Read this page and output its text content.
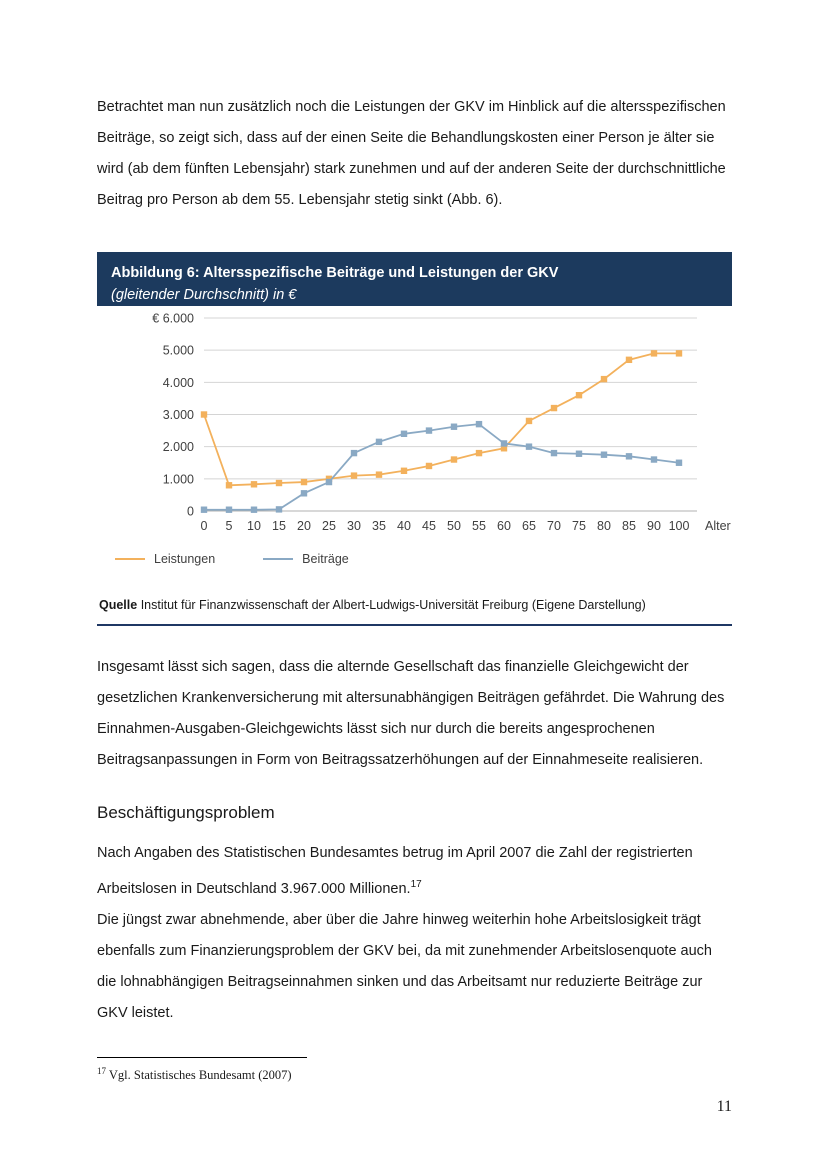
Betrachtet man nun zusätzlich noch die Leistungen der GKV im Hinblick auf die altersspezifischen Beiträge, so zeigt sich, dass auf der einen Seite die Behandlungskosten einer Person je älter sie wird (ab dem fünften Lebensjahr) stark zunehmen und auf der anderen Seite der durchschnittliche Beitrag pro Person ab dem 55. Lebensjahr stetig sinkt (Abb. 6).

Abbildung 6: Altersspezifische Beiträge und Leistungen der GKV
(gleitender Durchschnitt) in €
0
1.000
2.000
3.000
4.000
5.000
€ 6.000
0 5 10 15 20 25 30 35 40 45 50 55 60 65 70 75 80 85 90 100 Alter
Leistungen	Beiträge
Quelle Institut für Finanzwissenschaft der Albert-Ludwigs-Universität Freiburg (Eigene Darstellung)

Insgesamt lässt sich sagen, dass die alternde Gesellschaft das finanzielle Gleichgewicht der gesetzlichen Krankenversicherung mit altersunabhängigen Beiträgen gefährdet. Die Wahrung des Einnahmen-Ausgaben-Gleichgewichts lässt sich nur durch die bereits angesprochenen Beitragsanpassungen in Form von Beitragssatzerhöhungen auf der Einnahmeseite realisieren.

Beschäftigungsproblem

Nach Angaben des Statistischen Bundesamtes betrug im April 2007 die Zahl der registrierten Arbeitslosen in Deutschland 3.967.000 Millionen.$^{17}$

Die jüngst zwar abnehmende, aber über die Jahre hinweg weiterhin hohe Arbeitslosigkeit trägt ebenfalls zum Finanzierungsproblem der GKV bei, da mit zunehmender Arbeitslosenquote auch die lohnabhängigen Beitragseinnahmen sinken und das Arbeitsamt nur reduzierte Beiträge zur GKV leistet.

$^{17}$ Vgl. Statistisches Bundesamt (2007)
11
